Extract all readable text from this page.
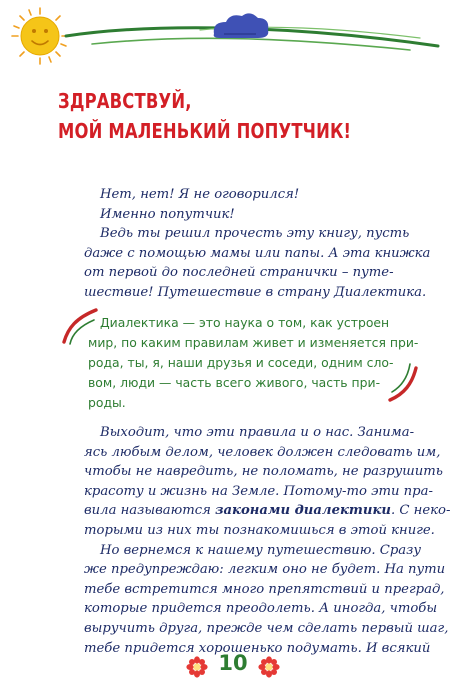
ЗДРАВСТВУЙ,
МОЙ МАЛЕНЬКИЙ ПОПУТЧИК!

Нет, нет! Я не оговорился!
Именно попутчик!
Ведь ты решил прочесть эту книгу, пусть
даже с помощью мамы или папы. А эта книжка
от первой до последней странички – путе-
шествие! Путешествие в страну Диалектика.

Диалектика — это наука о том, как устроен
мир, по каким правилам живет и изменяется при-
рода, ты, я, наши друзья и соседи, одним сло-
вом, люди — часть всего живого, часть при-
роды.

Выходит, что эти правила и о нас. Занима-
ясь любым делом, человек должен следовать им,
чтобы не навредить, не поломать, не разрушить
красоту и жизнь на Земле. Потому-то эти пра-
вила называются законами диалектики. С неко-
торыми из них ты познакомишься в этой книге.
Но вернемся к нашему путешествию. Сразу
же предупреждаю: легким оно не будет. На пути
тебе встретится много препятствий и преград,
которые придется преодолеть. А иногда, чтобы
выручить друга, прежде чем сделать первый шаг,
тебе придется хорошенько подумать. И всякий

10
